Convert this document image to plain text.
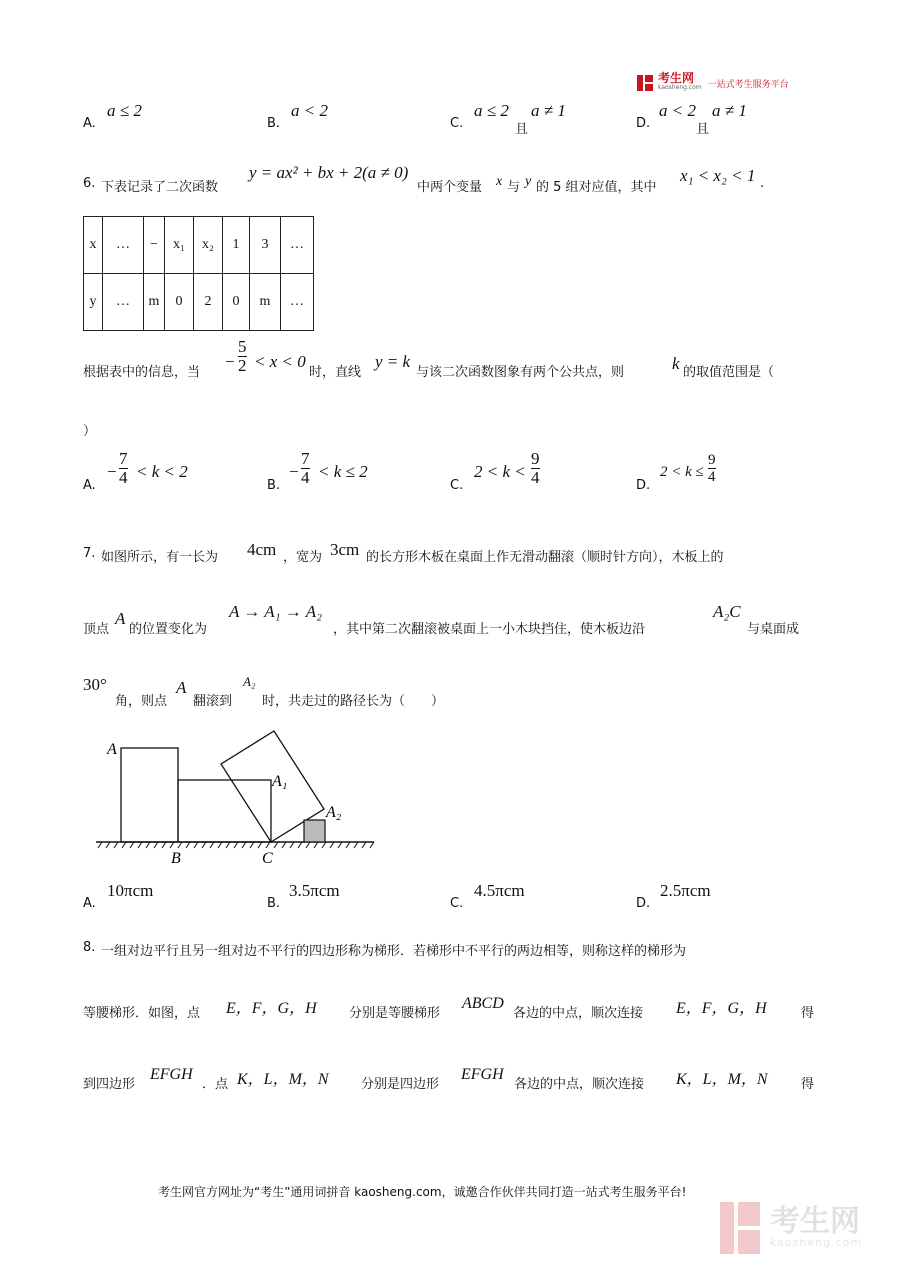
考生网
kaosheng.com 一站式考生服务平台
A.
a ≤ 2
B.
a < 2
C.
a ≤ 2
且
a ≠ 1
D.
a < 2
且
a ≠ 1
6. 下表记录了二次函数
y = ax² + bx + 2(a ≠ 0)
中两个变量 x 与 y 的 5 组对应值，其中
x₁ < x₂ < 1 .
x	…	−	x₁	x₂	1	3	…
y	…	m	0	2	0	m	…
根据表中的信息，当
−
5
2 < x < 0
时，直线
y = k
与该二次函数图象有两个公共点，则	k 的取值范围是（
）
A.
−
7
4 < k < 2
B.
−
7
4 < k ≤ 2
C.
2 < k <
9
4	D.
2 < k ≤
9
4
7. 如图所示，有一长为 4cm ，宽为 3cm 的长方形木板在桌面上作无滑动翻滚（顺时针方向），木板上的
顶点
A
的位置变化为
A → A₁ → A₂
，其中第二次翻滚被桌面上一小木块挡住，使木板边沿
A₂C
与桌面成
30°
角，则点
A
翻滚到
A₂
时，共走过的路径长为（　　）
A
A₁
A₂
B	C
A.
10πcm
B.
3.5πcm
C.
4.5πcm
D.
2.5πcm
8. 一组对边平行且另一组对边不平行的四边形称为梯形．若梯形中不平行的两边相等，则称这样的梯形为
等腰梯形．如图，点 E，F，G，H 分别是等腰梯形
ABCD
各边的中点，顺次连接 E，F，G，H	得
到四边形
EFGH
．点 K，L，M，N 分别是四边形
EFGH
各边的中点，顺次连接 K，L，M，N	得
考生网官方网址为“考生”通用词拼音 kaosheng.com，诚邀合作伙伴共同打造一站式考生服务平台!
考生网
kaosheng.com
